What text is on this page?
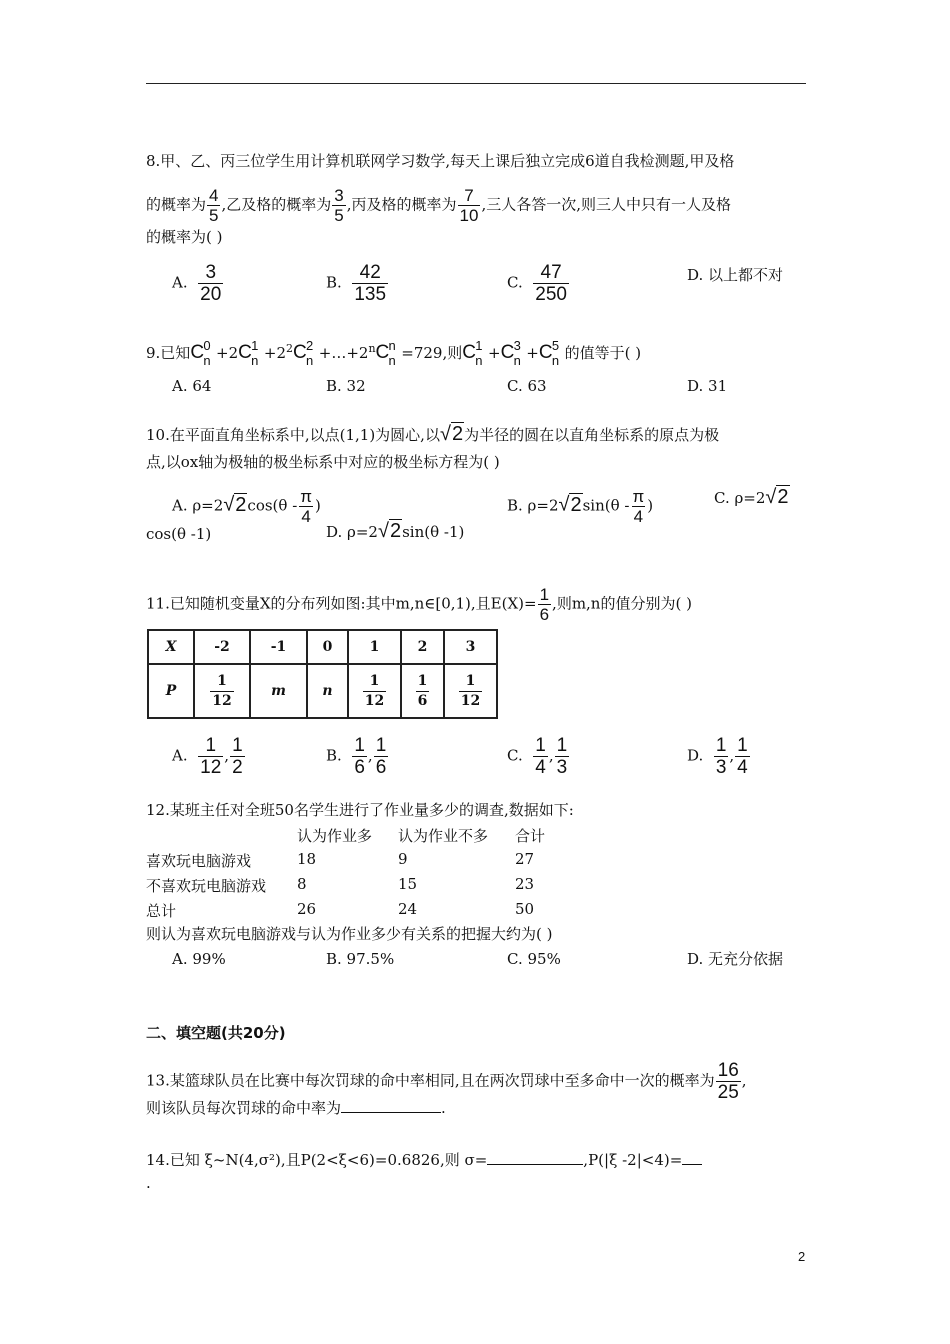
8.甲、乙、丙三位学生用计算机联网学习数学,每天上课后独立完成6道自我检测题,甲及格
的概率为 $\frac{4}{5}$ ,乙及格的概率为 $\frac{3}{5}$ ,丙及格的概率为 $\frac{7}{10}$ ,三人各答一次,则三人中只有一人及格
的概率为( )
A. $\frac{3}{20}$	B. $\frac{42}{135}$	C. $\frac{47}{250}$	D. 以上都不对
9.已知C 0
n +2C 1
$n +2^2C$ 2
$n +\dots+2^nC$ n
n =729,则C 1
n +C 3
n +C 5
n 的值等于( )
A. 64	B. 32	C. 63	D. 31
10.在平面直角坐标系中,以点(1,1)为圆心,以√2为半径的圆在以直角坐标系的原点为极
点,以ox轴为极轴的极坐标系中对应的极坐标方程为( )
A. $\rho=2√2\cos(\theta - \frac{\pi}{4}$ )	B. $\rho=2√2\sin(\theta - \frac{\pi}{4}$ )	C. ρ=2√2
cos(θ -1)	D. ρ=2√2sin(θ -1)
11.已知随机变量X的分布列如图:其中m,n∈[0,1),且$E(X)= \frac{1}{6}$ ,则m,n的值分别为( )
X	-2	-1	0	1	2	3
P	$\frac{1}{12}$	m	n	$\frac{1}{12}$	$\frac{1}{6}$	$\frac{1}{12}$
A. $\frac{1}{12}$ , $\frac{1}{2}$	B. $\frac{1}{6}$ , $\frac{1}{6}$	C. $\frac{1}{4}$ , $\frac{1}{3}$	D. $\frac{1}{3}$ , $\frac{1}{4}$
12.某班主任对全班50名学生进行了作业量多少的调查,数据如下:
认为作业多 认为作业不多 合计
喜欢玩电脑游戏	18	9	27
不喜欢玩电脑游戏 8	15	23
总计	26	24	50
则认为喜欢玩电脑游戏与认为作业多少有关系的把握大约为( )
A. 99%	B. 97.5%	C. 95%	D. 无充分依据
二、填空题(共20分)
13.某篮球队员在比赛中每次罚球的命中率相同,且在两次罚球中至多命中一次的概率为 $\frac{16}{25}$ ,
则该队员每次罚球的命中率为	.
14.已知 ξ~N(4,σ²),且P(2<ξ<6)=0.6826,则 σ=	,P(|ξ -2|<4)=
.
2
